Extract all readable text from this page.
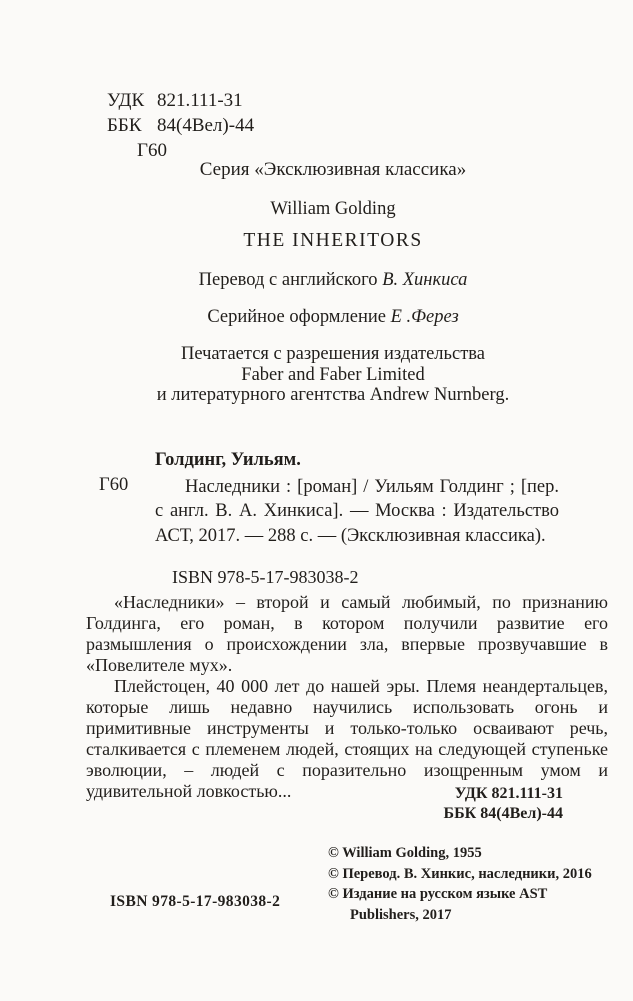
УДК 821.111-31
ББК 84(4Вел)-44
Г60
Серия «Эксклюзивная классика»
William Golding
THE INHERITORS
Перевод с английского В. Хинкиса
Серийное оформление Е .Ферез
Печатается с разрешения издательства
Faber and Faber Limited
и литературного агентства Andrew Nurnberg.
Голдинг, Уильям.
Г60	Наследники : [роман] / Уильям Голдинг ; [пер. с англ. В. А. Хинкиса]. — Москва : Издательство АСТ, 2017. — 288 с. — (Эксклюзивная классика).
ISBN 978-5-17-983038-2

«Наследники» – второй и самый любимый, по признанию Голдинга, его роман, в котором получили развитие его размышления о происхождении зла, впервые прозвучавшие в «Повелителе мух».

Плейстоцен, 40 000 лет до нашей эры. Племя неандертальцев, которые лишь недавно научились использовать огонь и примитивные инструменты и только-только осваивают речь, сталкивается с племенем людей, стоящих на следующей ступеньке эволюции, – людей с поразительно изощренным умом и удивительной ловкостью...	УДК 821.111-31
ББК 84(4Вел)-44
© William Golding, 1955
© Перевод. В. Хинкис, наследники, 2016
© Издание на русском языке AST
Publishers, 2017
ISBN 978-5-17-983038-2
